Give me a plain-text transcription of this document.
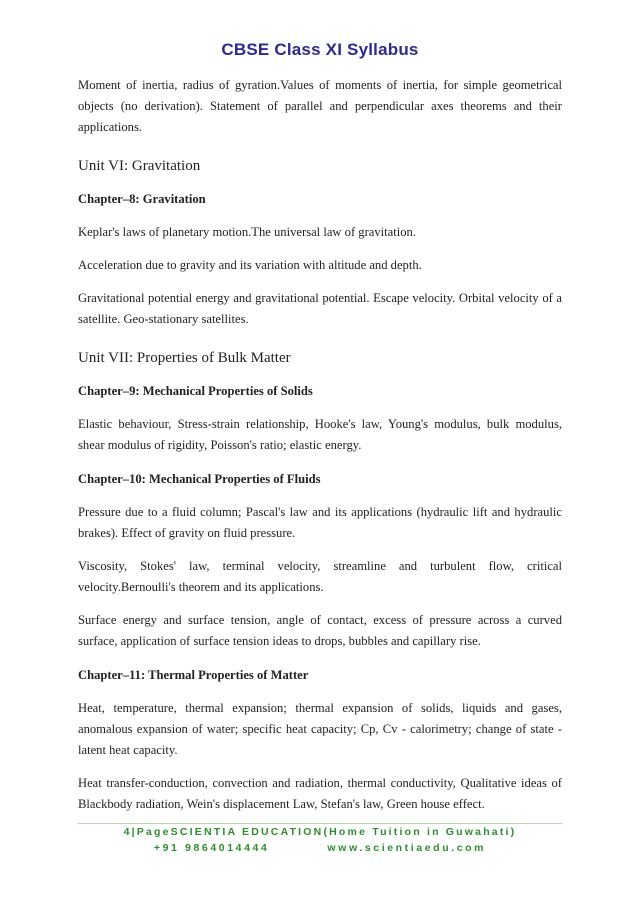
CBSE Class XI Syllabus

Moment of inertia, radius of gyration.Values of moments of inertia, for simple geometrical objects (no derivation). Statement of parallel and perpendicular axes theorems and their applications.

Unit VI: Gravitation

Chapter–8: Gravitation

Keplar's laws of planetary motion.The universal law of gravitation.

Acceleration due to gravity and its variation with altitude and depth.

Gravitational potential energy and gravitational potential. Escape velocity. Orbital velocity of a satellite. Geo-stationary satellites.

Unit VII: Properties of Bulk Matter

Chapter–9: Mechanical Properties of Solids

Elastic behaviour, Stress-strain relationship, Hooke's law, Young's modulus, bulk modulus, shear modulus of rigidity, Poisson's ratio; elastic energy.

Chapter–10: Mechanical Properties of Fluids

Pressure due to a fluid column; Pascal's law and its applications (hydraulic lift and hydraulic brakes). Effect of gravity on fluid pressure.

Viscosity, Stokes' law, terminal velocity, streamline and turbulent flow, critical velocity.Bernoulli's theorem and its applications.

Surface energy and surface tension, angle of contact, excess of pressure across a curved surface, application of surface tension ideas to drops, bubbles and capillary rise.

Chapter–11: Thermal Properties of Matter

Heat, temperature, thermal expansion; thermal expansion of solids, liquids and gases, anomalous expansion of water; specific heat capacity; Cp, Cv - calorimetry; change of state - latent heat capacity.

Heat transfer-conduction, convection and radiation, thermal conductivity, Qualitative ideas of Blackbody radiation, Wein's displacement Law, Stefan's law, Green house effect.

4|PageSCIENTIA EDUCATION(Home Tuition in Guwahati)
+91 9864014444	www.scientiaedu.com
